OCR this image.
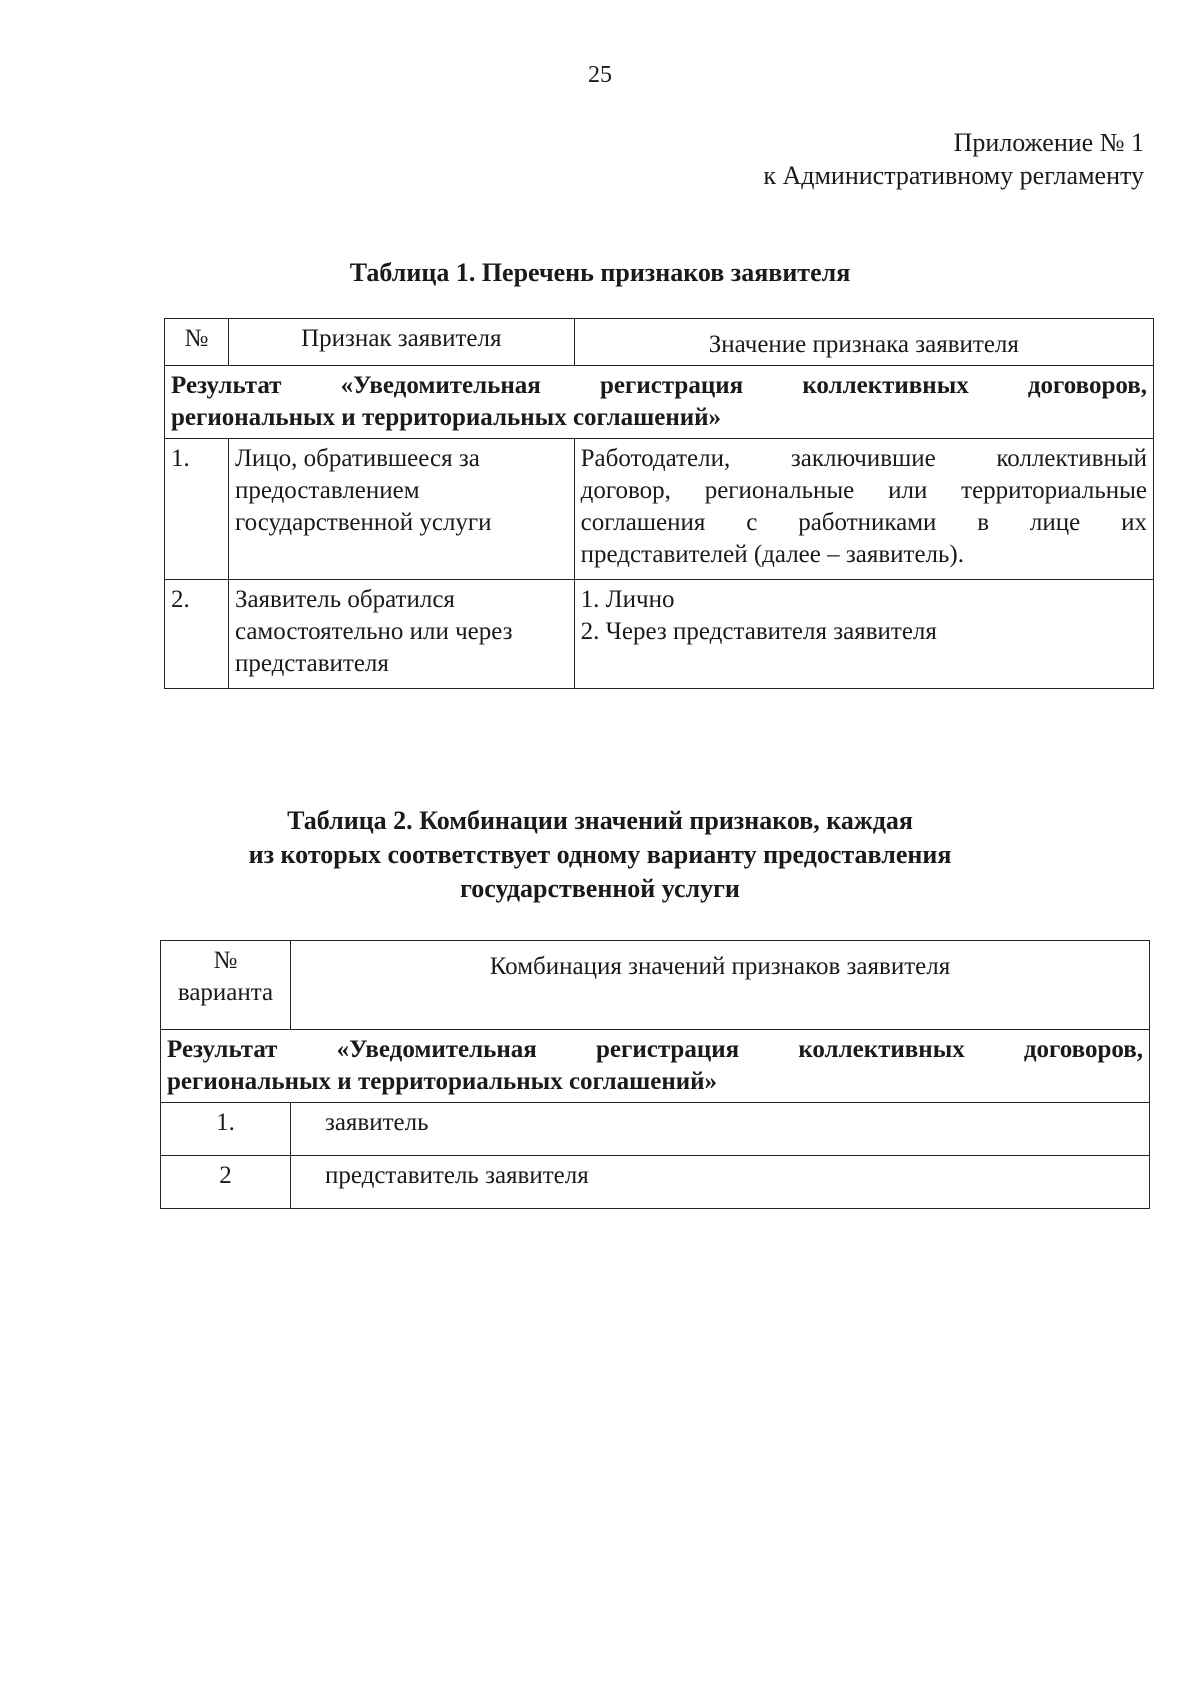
25
Приложение № 1
к Административному регламенту
Таблица 1. Перечень признаков заявителя
№	Признак заявителя	Значение признака заявителя

Результат «Уведомительная регистрация коллективных договоров,
региональных и территориальных соглашений»		

1.	Лицо, обратившееся за предоставлением государственной услуги	Работодатели, заключившие коллективный
договор, региональные или территориальные
соглашения с работниками в лице их
представителей (далее – заявитель).

2.	Заявитель обратился самостоятельно или через представителя	1. Лично
2. Через представителя заявителя
Таблица 2. Комбинации значений признаков, каждая
из которых соответствует одному варианту предоставления
государственной услуги
№
варианта	Комбинация значений признаков заявителя

Результат «Уведомительная регистрация коллективных договоров,
региональных и территориальных соглашений»	

1.	заявитель
2	представитель заявителя
